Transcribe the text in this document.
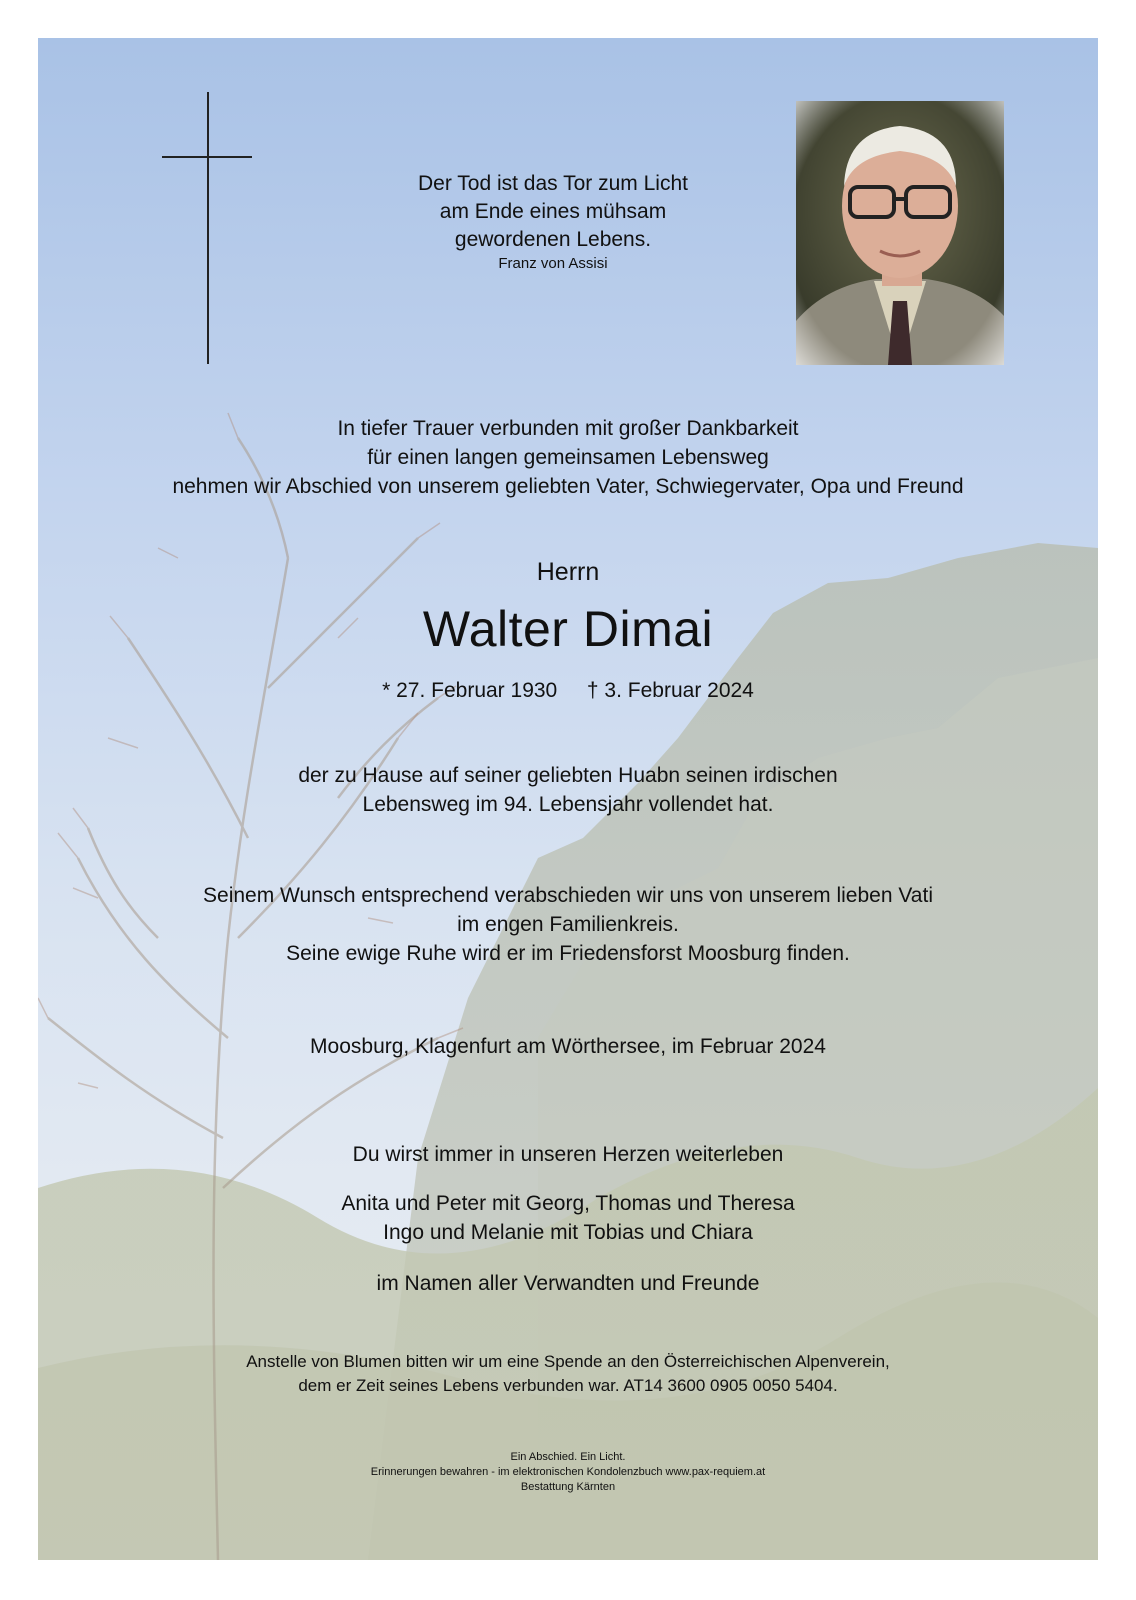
Der Tod ist das Tor zum Licht
am Ende eines mühsam
gewordenen Lebens.
Franz von Assisi
In tiefer Trauer verbunden mit großer Dankbarkeit
für einen langen gemeinsamen Lebensweg
nehmen wir Abschied von unserem geliebten Vater, Schwiegervater, Opa und Freund
Herrn
Walter Dimai
* 27. Februar 1930 † 3. Februar 2024
der zu Hause auf seiner geliebten Huabn seinen irdischen
Lebensweg im 94. Lebensjahr vollendet hat.
Seinem Wunsch entsprechend verabschieden wir uns von unserem lieben Vati
im engen Familienkreis.
Seine ewige Ruhe wird er im Friedensforst Moosburg finden.
Moosburg, Klagenfurt am Wörthersee, im Februar 2024
Du wirst immer in unseren Herzen weiterleben
Anita und Peter mit Georg, Thomas und Theresa
Ingo und Melanie mit Tobias und Chiara
im Namen aller Verwandten und Freunde
Anstelle von Blumen bitten wir um eine Spende an den Österreichischen Alpenverein,
dem er Zeit seines Lebens verbunden war. AT14 3600 0905 0050 5404.
Ein Abschied. Ein Licht.
Erinnerungen bewahren - im elektronischen Kondolenzbuch www.pax-requiem.at
Bestattung Kärnten
